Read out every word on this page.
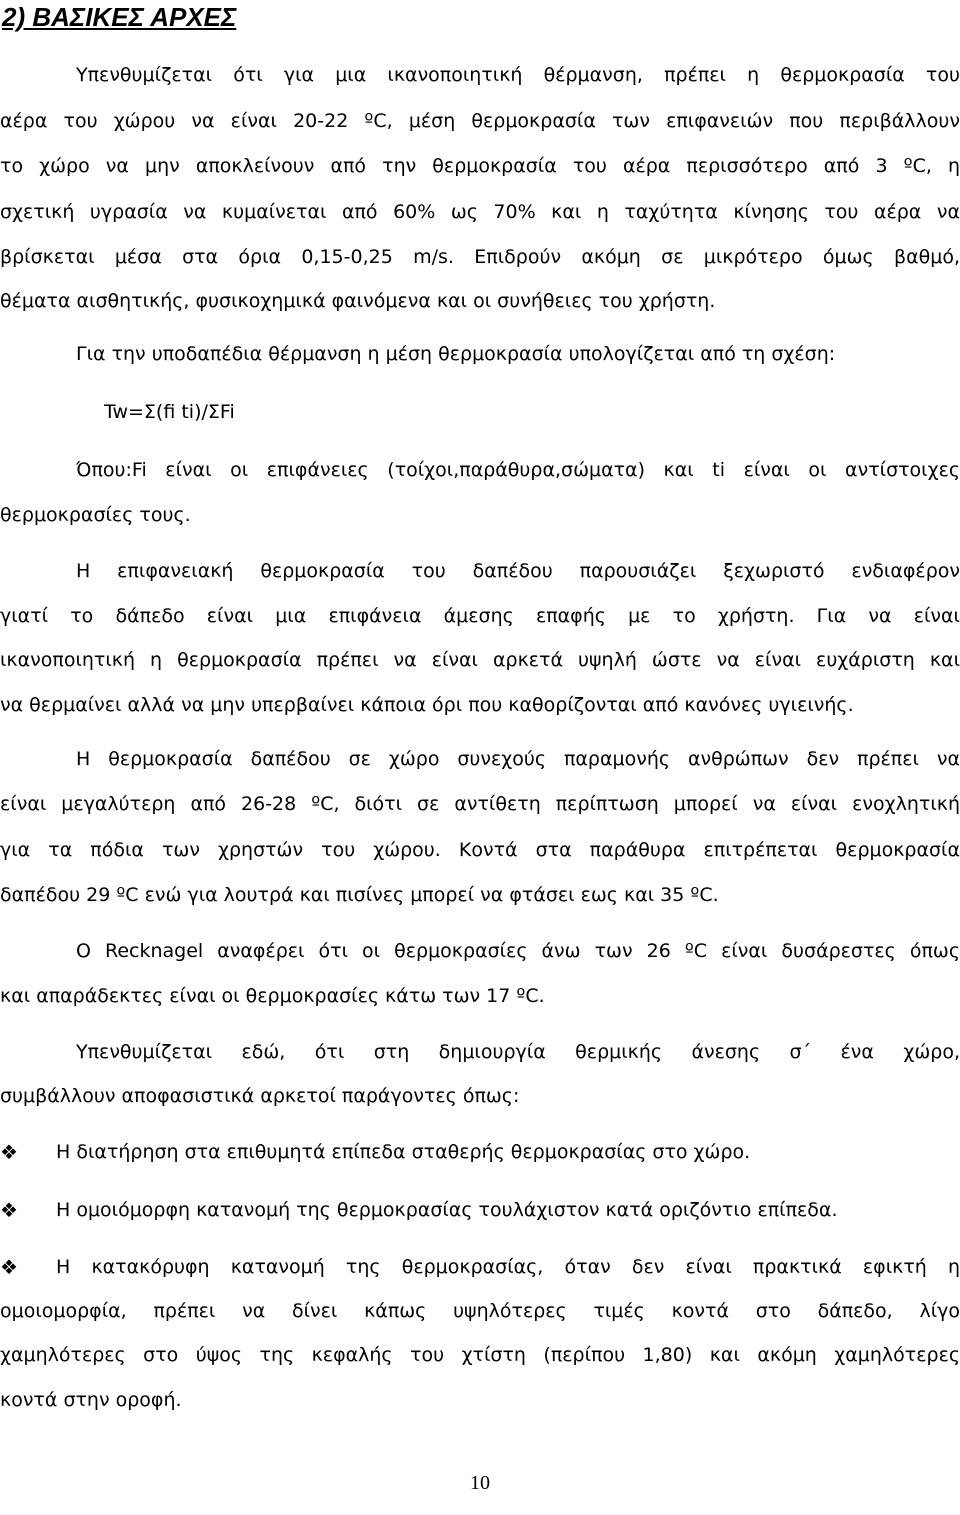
2) ΒΑΣΙΚΕΣ ΑΡΧΕΣ
Υπενθυμίζεται ότι για μια ικανοποιητική θέρμανση, πρέπει η θερμοκρασία του
αέρα του χώρου να είναι 20-22 ºC, μέση θερμοκρασία των επιφανειών που περιβάλλουν
το χώρο να μην αποκλείνουν από την θερμοκρασία του αέρα περισσότερο από 3 ºC, η
σχετική υγρασία να κυμαίνεται από 60% ως 70% και η ταχύτητα κίνησης του αέρα να
βρίσκεται μέσα στα όρια 0,15-0,25 m/s. Επιδρούν ακόμη σε μικρότερο όμως βαθμό,
θέματα αισθητικής, φυσικοχημικά φαινόμενα και οι συνήθειες του χρήστη.
Για την υποδαπέδια θέρμανση η μέση θερμοκρασία υπολογίζεται από τη σχέση:
Tw=Σ(fi ti)/ΣFi
Όπου:Fi είναι οι επιφάνειες (τοίχοι,παράθυρα,σώματα) και ti είναι οι αντίστοιχες
θερμοκρασίες τους.
Η επιφανειακή θερμοκρασία του δαπέδου παρουσιάζει ξεχωριστό ενδιαφέρον
γιατί το δάπεδο είναι μια επιφάνεια άμεσης επαφής με το χρήστη. Για να είναι
ικανοποιητική η θερμοκρασία πρέπει να είναι αρκετά υψηλή ώστε να είναι ευχάριστη και
να θερμαίνει αλλά να μην υπερβαίνει κάποια όρι που καθορίζονται από κανόνες υγιεινής.
Η θερμοκρασία δαπέδου σε χώρο συνεχούς παραμονής ανθρώπων δεν πρέπει να
είναι μεγαλύτερη από 26-28 ºC, διότι σε αντίθετη περίπτωση μπορεί να είναι ενοχλητική
για τα πόδια των χρηστών του χώρου. Κοντά στα παράθυρα επιτρέπεται θερμοκρασία
δαπέδου 29 ºC ενώ για λουτρά και πισίνες μπορεί να φτάσει εως και 35 ºC.
Ο Recknagel αναφέρει ότι οι θερμοκρασίες άνω των 26 ºC είναι δυσάρεστες όπως
και απαράδεκτες είναι οι θερμοκρασίες κάτω των 17 ºC.
Υπενθυμίζεται εδώ, ότι στη δημιουργία θερμικής άνεσης σ΄ ένα χώρο,
συμβάλλουν αποφασιστικά αρκετοί παράγοντες όπως:
❖ Η διατήρηση στα επιθυμητά επίπεδα σταθερής θερμοκρασίας στο χώρο.
❖ Η ομοιόμορφη κατανομή της θερμοκρασίας τουλάχιστον κατά οριζόντιο επίπεδα.
❖ Η κατακόρυφη κατανομή της θερμοκρασίας, όταν δεν είναι πρακτικά εφικτή η
ομοιομορφία, πρέπει να δίνει κάπως υψηλότερες τιμές κοντά στο δάπεδο, λίγο
χαμηλότερες στο ύψος της κεφαλής του χτίστη (περίπου 1,80) και ακόμη χαμηλότερες
κοντά στην οροφή.
10
